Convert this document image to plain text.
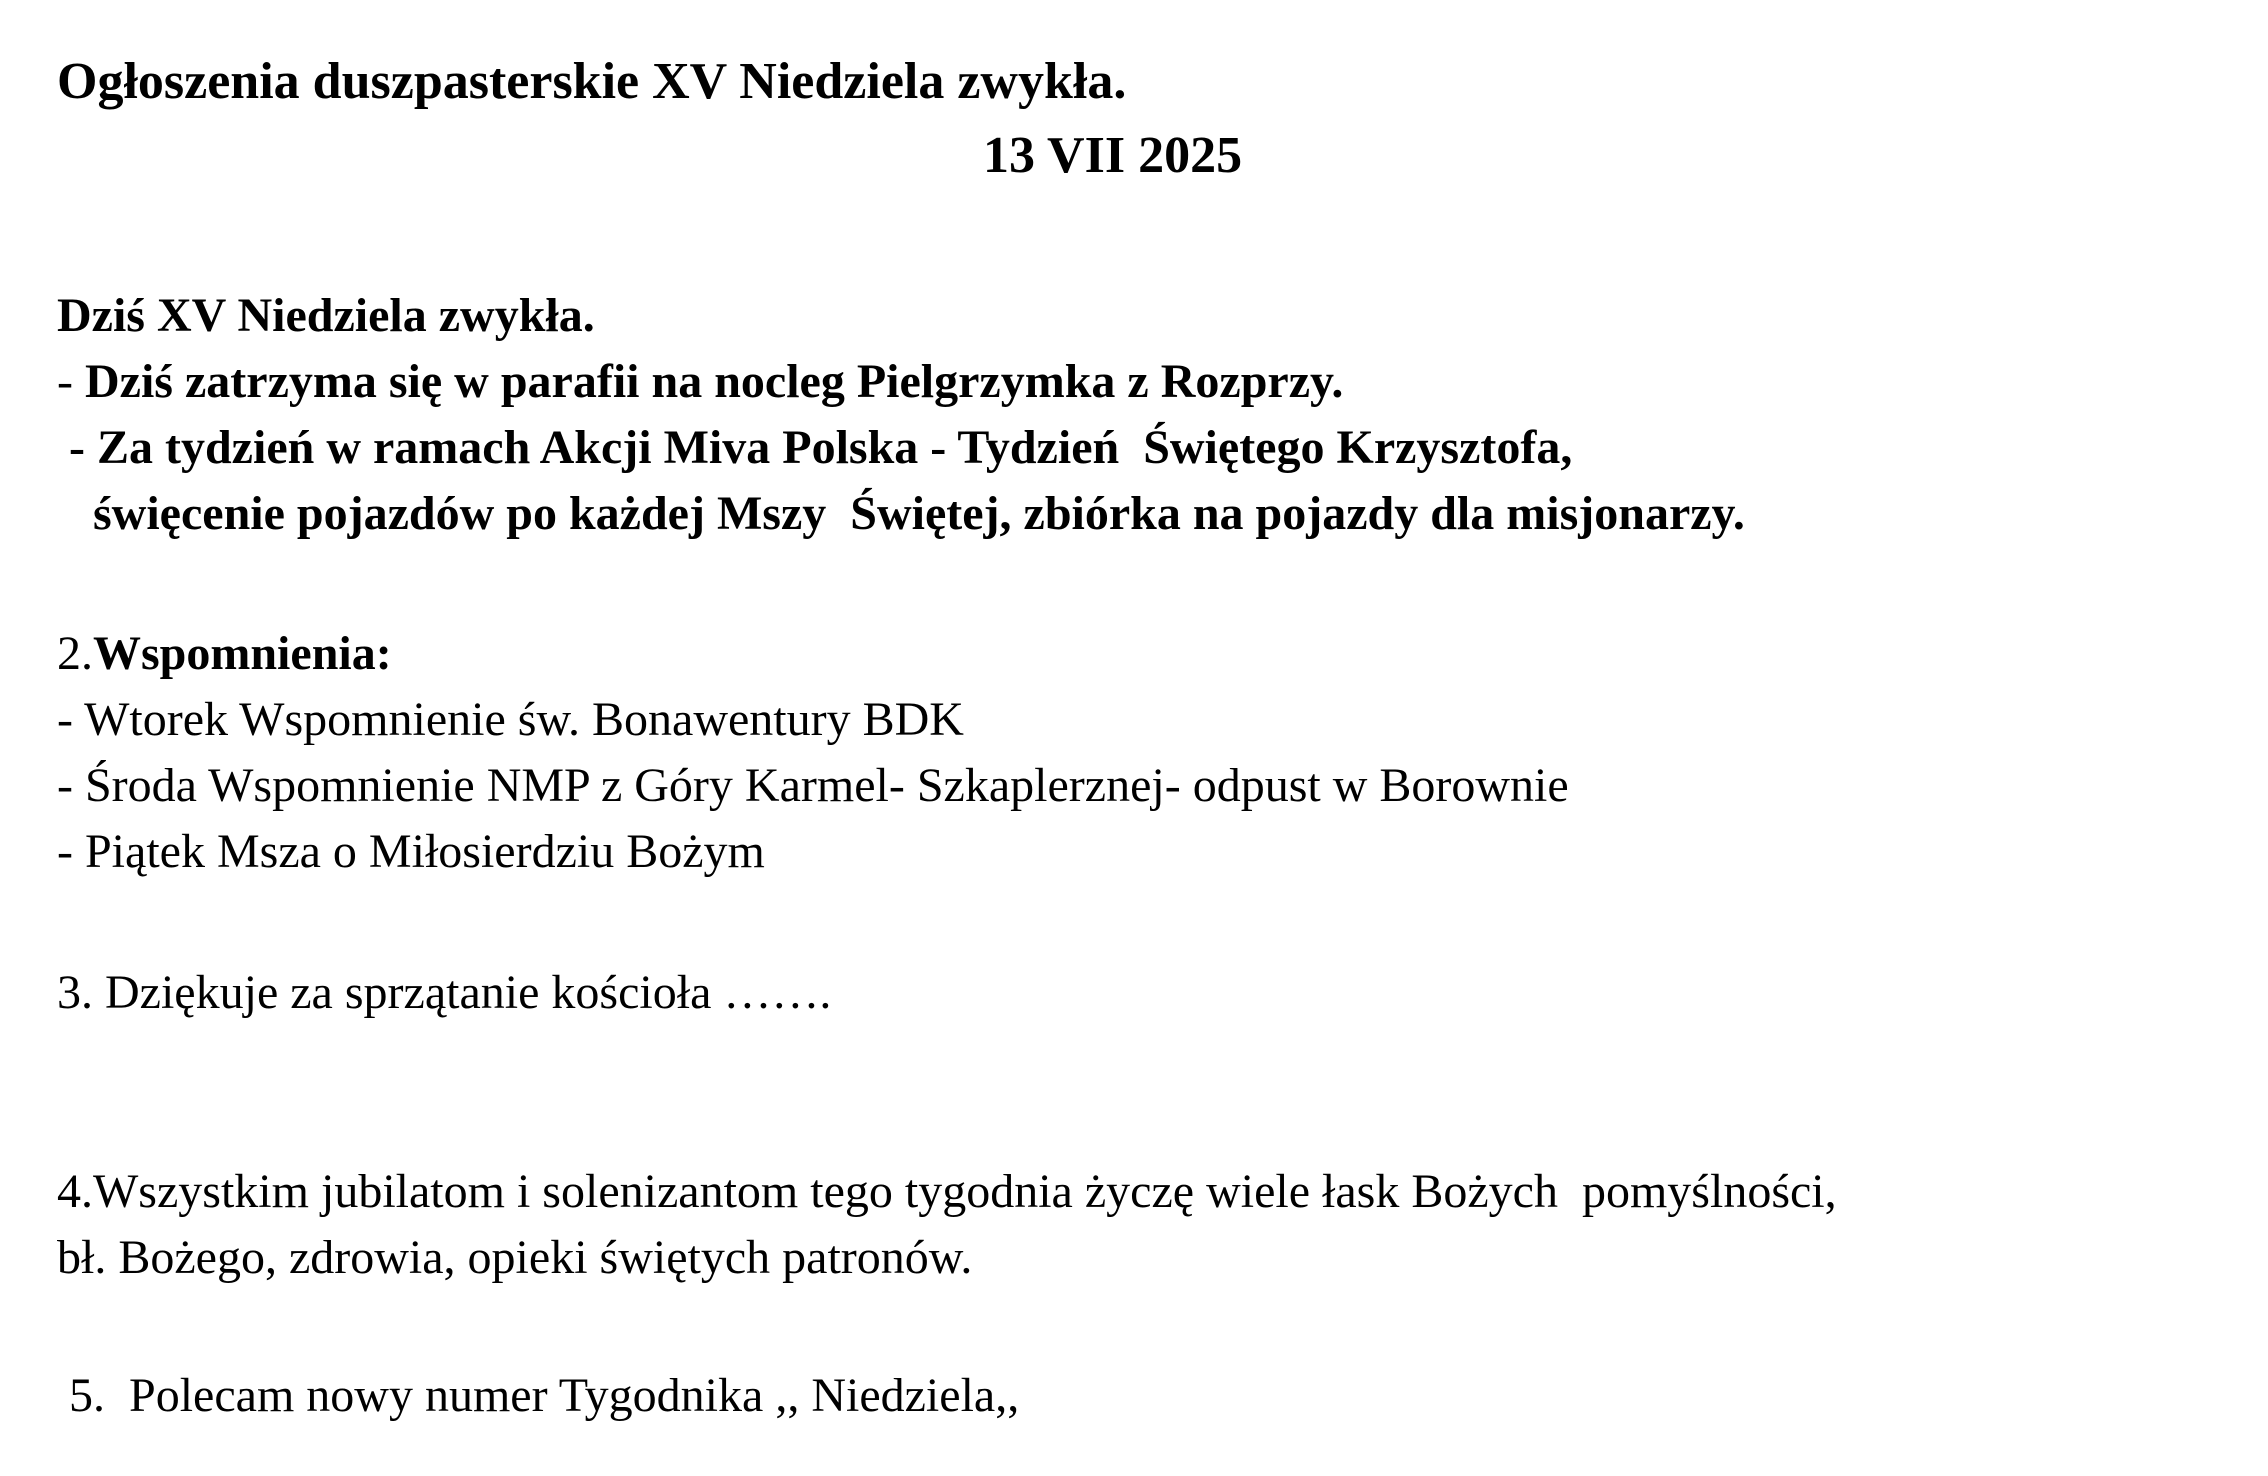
Ogłoszenia duszpasterskie XV Niedziela zwykła.
13 VII 2025
Dziś XV Niedziela zwykła.
- Dziś zatrzyma się w parafii na nocleg Pielgrzymka z Rozprzy.
- Za tydzień w ramach Akcji Miva Polska - Tydzień  Świętego Krzysztofa,
święcenie pojazdów po każdej Mszy  Świętej, zbiórka na pojazdy dla misjonarzy.
2.Wspomnienia:
- Wtorek Wspomnienie św. Bonawentury BDK
- Środa Wspomnienie NMP z Góry Karmel- Szkaplerznej- odpust w Borownie
- Piątek Msza o Miłosierdziu Bożym
3. Dziękuje za sprzątanie kościoła …….
4.Wszystkim jubilatom i solenizantom tego tygodnia życzę wiele łask Bożych  pomyślności,
bł. Bożego, zdrowia, opieki świętych patronów.
5.  Polecam nowy numer Tygodnika ,, Niedziela,,
